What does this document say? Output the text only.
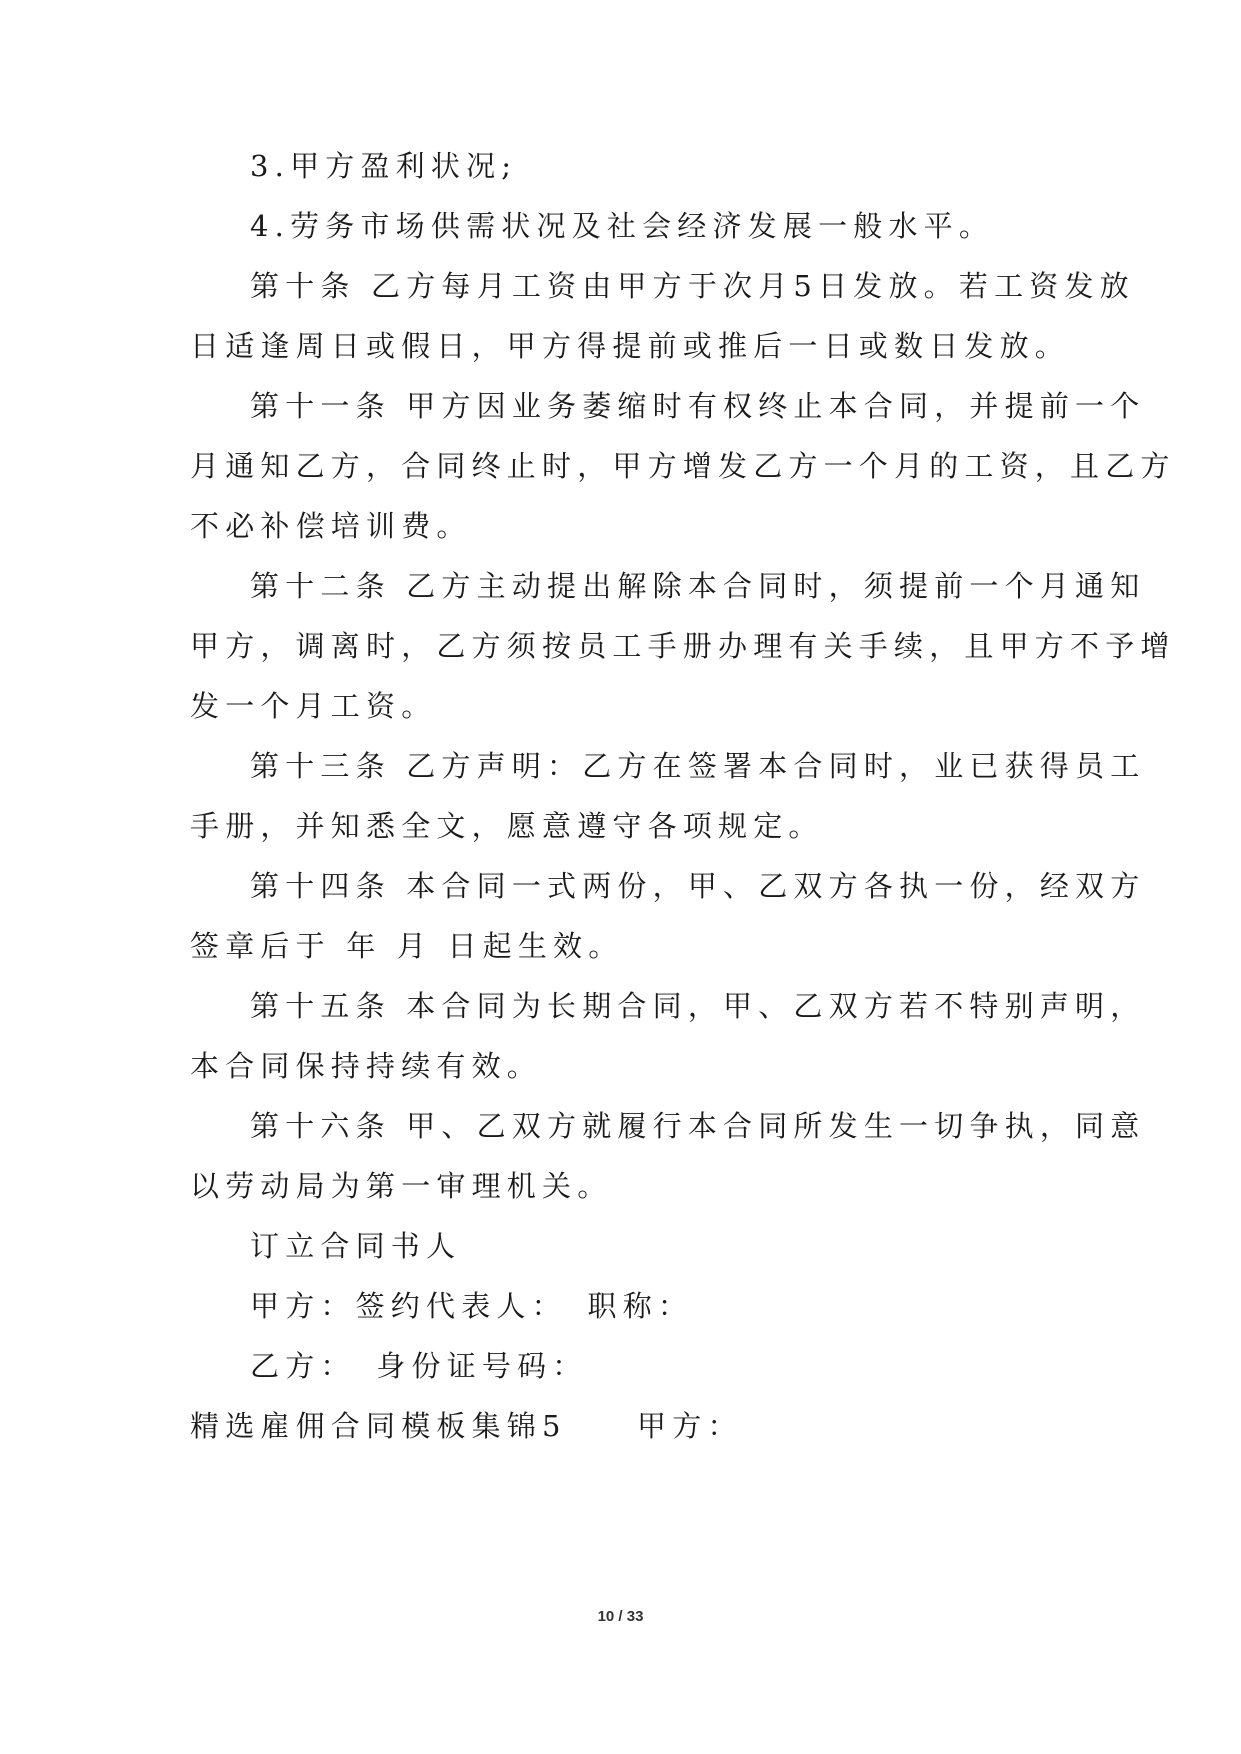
3.甲方盈利状况;
4.劳务市场供需状况及社会经济发展一般水平。
第十条 乙方每月工资由甲方于次月5日发放。若工资发放
日适逢周日或假日，甲方得提前或推后一日或数日发放。
第十一条 甲方因业务萎缩时有权终止本合同，并提前一个
月通知乙方，合同终止时，甲方增发乙方一个月的工资，且乙方
不必补偿培训费。
第十二条 乙方主动提出解除本合同时，须提前一个月通知
甲方，调离时，乙方须按员工手册办理有关手续，且甲方不予增
发一个月工资。
第十三条 乙方声明：乙方在签署本合同时，业已获得员工
手册，并知悉全文，愿意遵守各项规定。
第十四条 本合同一式两份，甲、乙双方各执一份，经双方
签章后于 年 月 日起生效。
第十五条 本合同为长期合同，甲、乙双方若不特别声明，
本合同保持持续有效。
第十六条 甲、乙双方就履行本合同所发生一切争执，同意
以劳动局为第一审理机关。
订立合同书人
甲方：签约代表人：　职称：
乙方：　身份证号码：
精选雇佣合同模板集锦5　　甲方：
10 / 33
